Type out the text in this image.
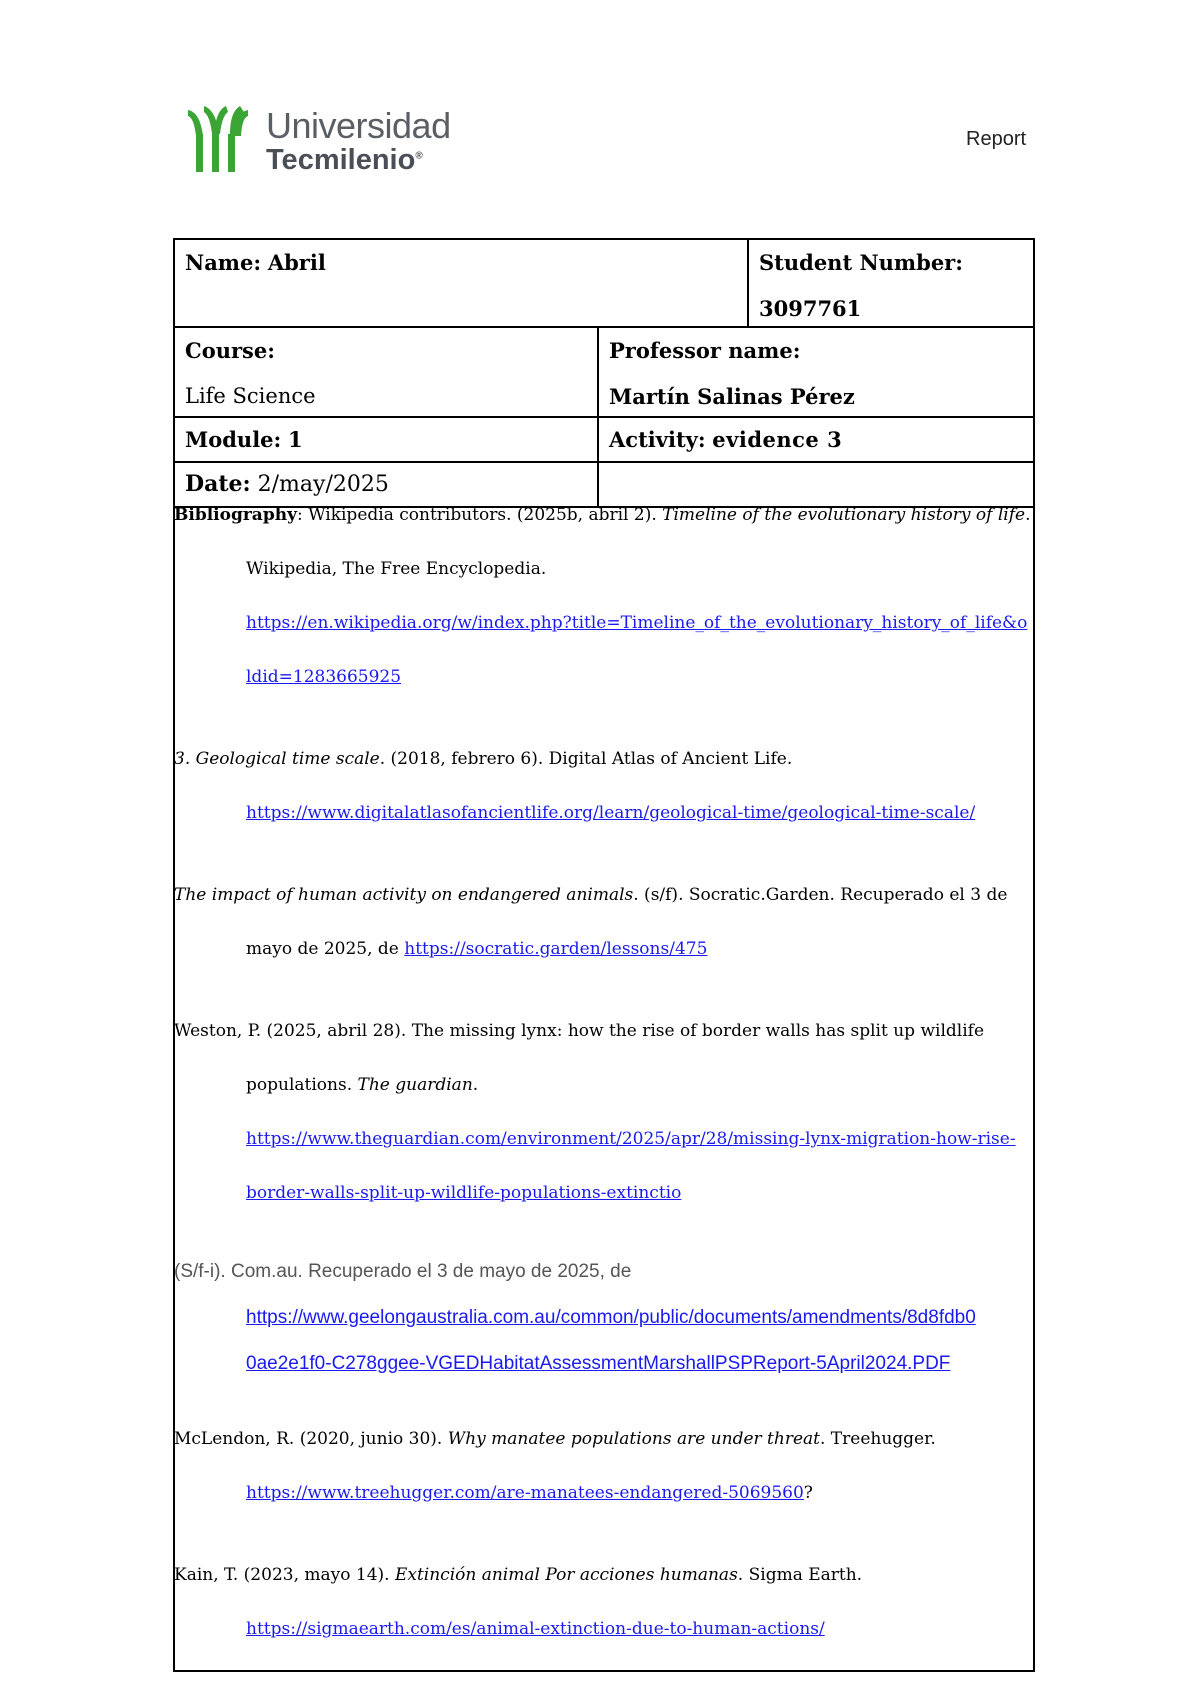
Universidad
Tecmilenio®
Report
Name: Abril	Student Number:
3097761
Course:
Life Science
Professor name:
Martín Salinas Pérez
Module: 1	Activity: evidence 3
Date: 2/may/2025
Bibliography: Wikipedia contributors. (2025b, abril 2). Timeline of the evolutionary history of life.
Wikipedia, The Free Encyclopedia.
https://en.wikipedia.org/w/index.php?title=Timeline_of_the_evolutionary_history_of_life&o
ldid=1283665925
3. Geological time scale. (2018, febrero 6). Digital Atlas of Ancient Life.
https://www.digitalatlasofancientlife.org/learn/geological-time/geological-time-scale/
The impact of human activity on endangered animals. (s/f). Socratic.Garden. Recuperado el 3 de
mayo de 2025, de https://socratic.garden/lessons/475
Weston, P. (2025, abril 28). The missing lynx: how the rise of border walls has split up wildlife
populations. The guardian.
https://www.theguardian.com/environment/2025/apr/28/missing-lynx-migration-how-rise-
border-walls-split-up-wildlife-populations-extinctio
(S/f-i). Com.au. Recuperado el 3 de mayo de 2025, de
https://www.geelongaustralia.com.au/common/public/documents/amendments/8d8fdb0
0ae2e1f0-C278ggee-VGEDHabitatAssessmentMarshallPSPReport-5April2024.PDF
McLendon, R. (2020, junio 30). Why manatee populations are under threat. Treehugger.
https://www.treehugger.com/are-manatees-endangered-5069560?
Kain, T. (2023, mayo 14). Extinción animal Por acciones humanas. Sigma Earth.
https://sigmaearth.com/es/animal-extinction-due-to-human-actions/
